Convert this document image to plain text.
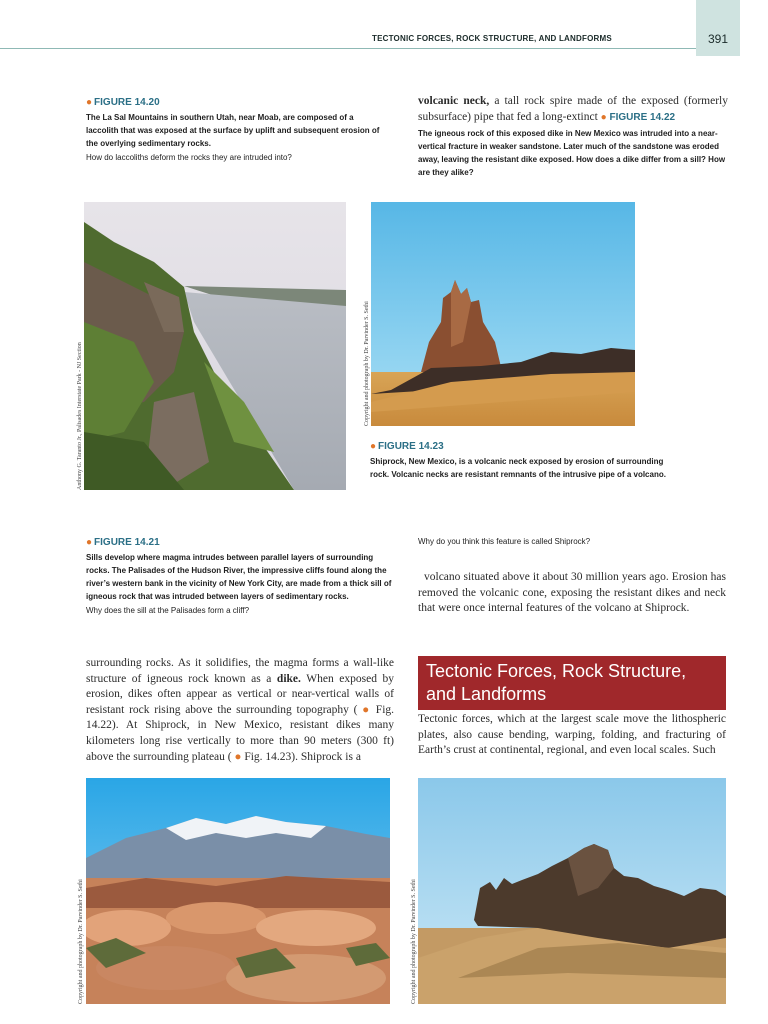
TECTONIC FORCES, ROCK STRUCTURE, AND LANDFORMS	391
● FIGURE 14.20
The La Sal Mountains in southern Utah, near Moab, are composed of a laccolith that was exposed at the surface by uplift and subsequent erosion of the overlying sedimentary rocks.
How do laccoliths deform the rocks they are intruded into?
volcanic neck, a tall rock spire made of the exposed (formerly subsurface) pipe that fed a long-extinct ● FIGURE 14.22
The igneous rock of this exposed dike in New Mexico was intruded into a near-vertical fracture in weaker sandstone. Later much of the sandstone was eroded away, leaving the resistant dike exposed. How does a dike differ from a sill? How are they alike?
Anthony G. Taranto Jr., Palisades Interstate Park - NJ Section	Copyright and photograph by Dr. Parvinder S. Sethi
● FIGURE 14.23
Shiprock, New Mexico, is a volcanic neck exposed by erosion of surrounding rock. Volcanic necks are resistant remnants of the intrusive pipe of a volcano.
Why do you think this feature is called Shiprock?
● FIGURE 14.21
Sills develop where magma intrudes between parallel layers of surrounding rocks. The Palisades of the Hudson River, the impressive cliffs found along the river’s western bank in the vicinity of New York City, are made from a thick sill of igneous rock that was intruded between layers of sedimentary rocks.
Why does the sill at the Palisades form a cliff?
volcano situated above it about 30 million years ago. Erosion has removed the volcanic cone, exposing the resistant dikes and neck that were once internal features of the volcano at Shiprock.
surrounding rocks. As it solidifies, the magma forms a wall-like structure of igneous rock known as a dike. When exposed by erosion, dikes often appear as vertical or near-vertical walls of resistant rock rising above the surrounding topography ( ● Fig. 14.22). At Shiprock, in New Mexico, resistant dikes many kilometers long rise vertically to more than 90 meters (300 ft) above the surrounding plateau ( ● Fig. 14.23). Shiprock is a
Tectonic Forces, Rock Structure, and Landforms
Tectonic forces, which at the largest scale move the lithospheric plates, also cause bending, warping, folding, and fracturing of Earth’s crust at continental, regional, and even local scales. Such
Copyright and photograph by Dr. Parvinder S. Sethi	Copyright and photograph by Dr. Parvinder S. Sethi
